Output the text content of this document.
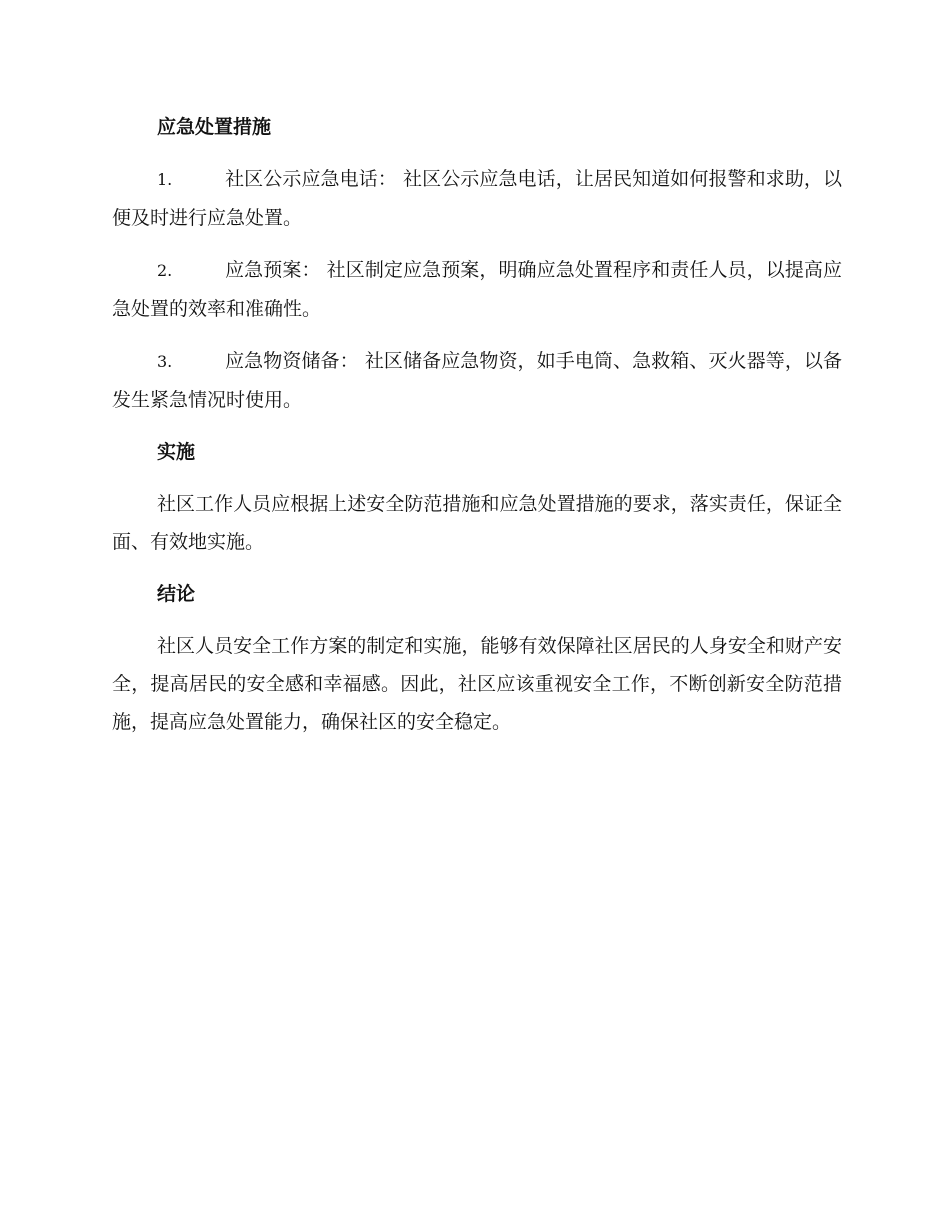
应急处置措施
1.	社区公示应急电话： 社区公示应急电话，让居民知道如何报警和求助，以便及时进行应急处置。
2.	应急预案： 社区制定应急预案，明确应急处置程序和责任人员，以提高应急处置的效率和准确性。
3.	应急物资储备： 社区储备应急物资，如手电筒、急救箱、灭火器等，以备发生紧急情况时使用。
实施
社区工作人员应根据上述安全防范措施和应急处置措施的要求，落实责任，保证全面、有效地实施。
结论
社区人员安全工作方案的制定和实施，能够有效保障社区居民的人身安全和财产安全，提高居民的安全感和幸福感。因此，社区应该重视安全工作，不断创新安全防范措施，提高应急处置能力，确保社区的安全稳定。
